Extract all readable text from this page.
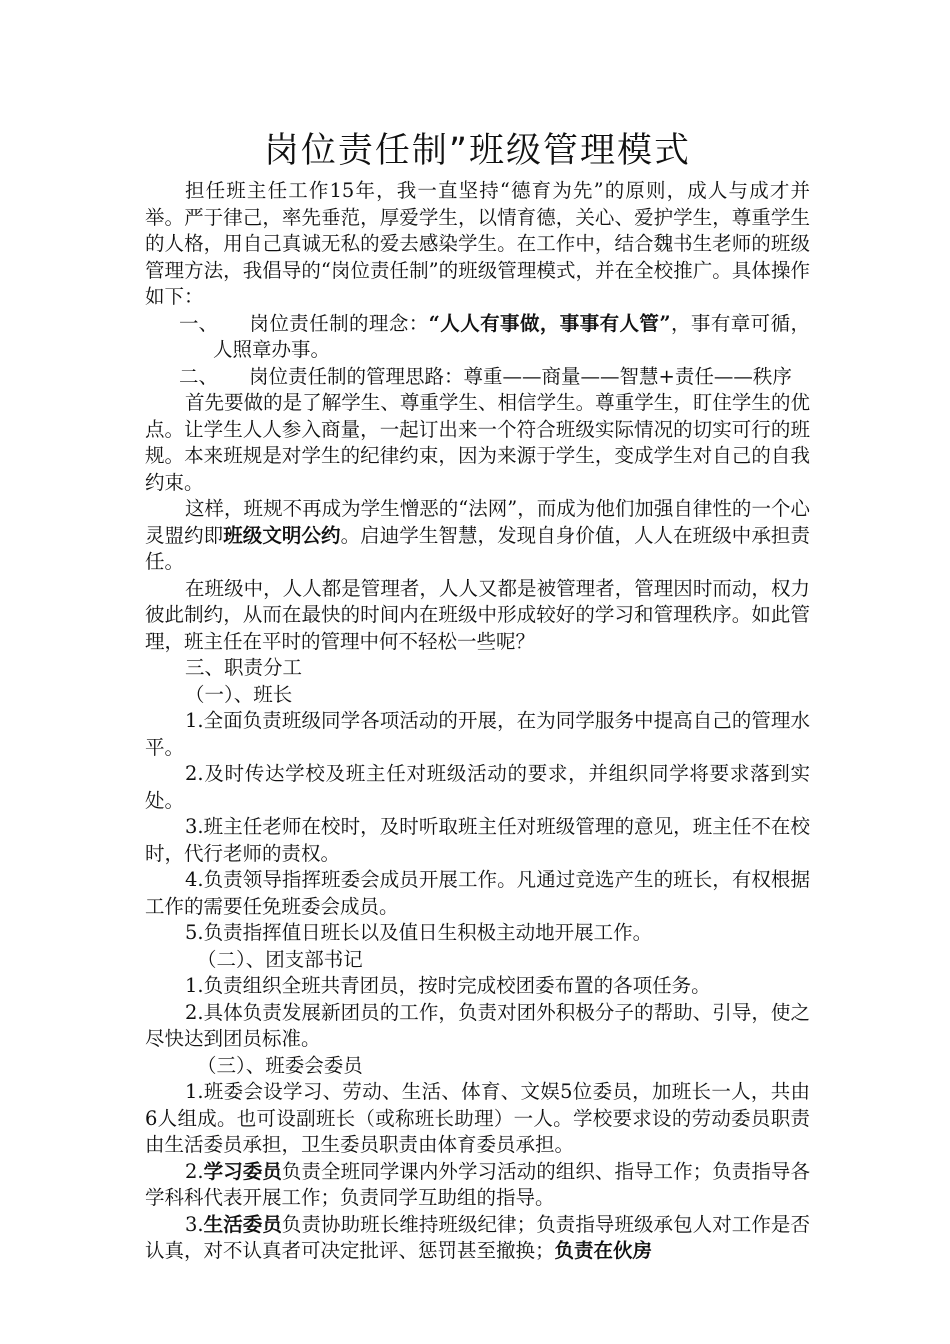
岗位责任制”班级管理模式

担任班主任工作15年，我一直坚持“德育为先”的原则，成人与成才并举。严于律己，率先垂范，厚爱学生，以情育德，关心、爱护学生，尊重学生的人格，用自己真诚无私的爱去感染学生。在工作中，结合魏书生老师的班级管理方法，我倡导的“岗位责任制”的班级管理模式，并在全校推广。具体操作如下：

一、 岗位责任制的理念：“人人有事做，事事有人管”，事有章可循，人照章办事。

二、 岗位责任制的管理思路：尊重——商量——智慧+责任——秩序

首先要做的是了解学生、尊重学生、相信学生。尊重学生，盯住学生的优点。让学生人人参入商量，一起订出来一个符合班级实际情况的切实可行的班规。本来班规是对学生的纪律约束，因为来源于学生，变成学生对自己的自我约束。

这样，班规不再成为学生憎恶的“法网”，而成为他们加强自律性的一个心灵盟约即班级文明公约。启迪学生智慧，发现自身价值，人人在班级中承担责任。

在班级中，人人都是管理者，人人又都是被管理者，管理因时而动，权力彼此制约，从而在最快的时间内在班级中形成较好的学习和管理秩序。如此管理，班主任在平时的管理中何不轻松一些呢？

三、职责分工

（一）、班长

1.全面负责班级同学各项活动的开展，在为同学服务中提高自己的管理水平。

2.及时传达学校及班主任对班级活动的要求，并组织同学将要求落到实处。

3.班主任老师在校时，及时听取班主任对班级管理的意见，班主任不在校时，代行老师的责权。

4.负责领导指挥班委会成员开展工作。凡通过竞选产生的班长，有权根据工作的需要任免班委会成员。

5.负责指挥值日班长以及值日生积极主动地开展工作。

（二）、团支部书记

1.负责组织全班共青团员，按时完成校团委布置的各项任务。

2.具体负责发展新团员的工作，负责对团外积极分子的帮助、引导，使之尽快达到团员标准。

（三）、班委会委员

1.班委会设学习、劳动、生活、体育、文娱5位委员，加班长一人，共由6人组成。也可设副班长（或称班长助理）一人。学校要求设的劳动委员职责由生活委员承担，卫生委员职责由体育委员承担。

2.学习委员负责全班同学课内外学习活动的组织、指导工作；负责指导各学科科代表开展工作；负责同学互助组的指导。

3.生活委员负责协助班长维持班级纪律；负责指导班级承包人对工作是否认真，对不认真者可决定批评、惩罚甚至撤换；负责在伙房
